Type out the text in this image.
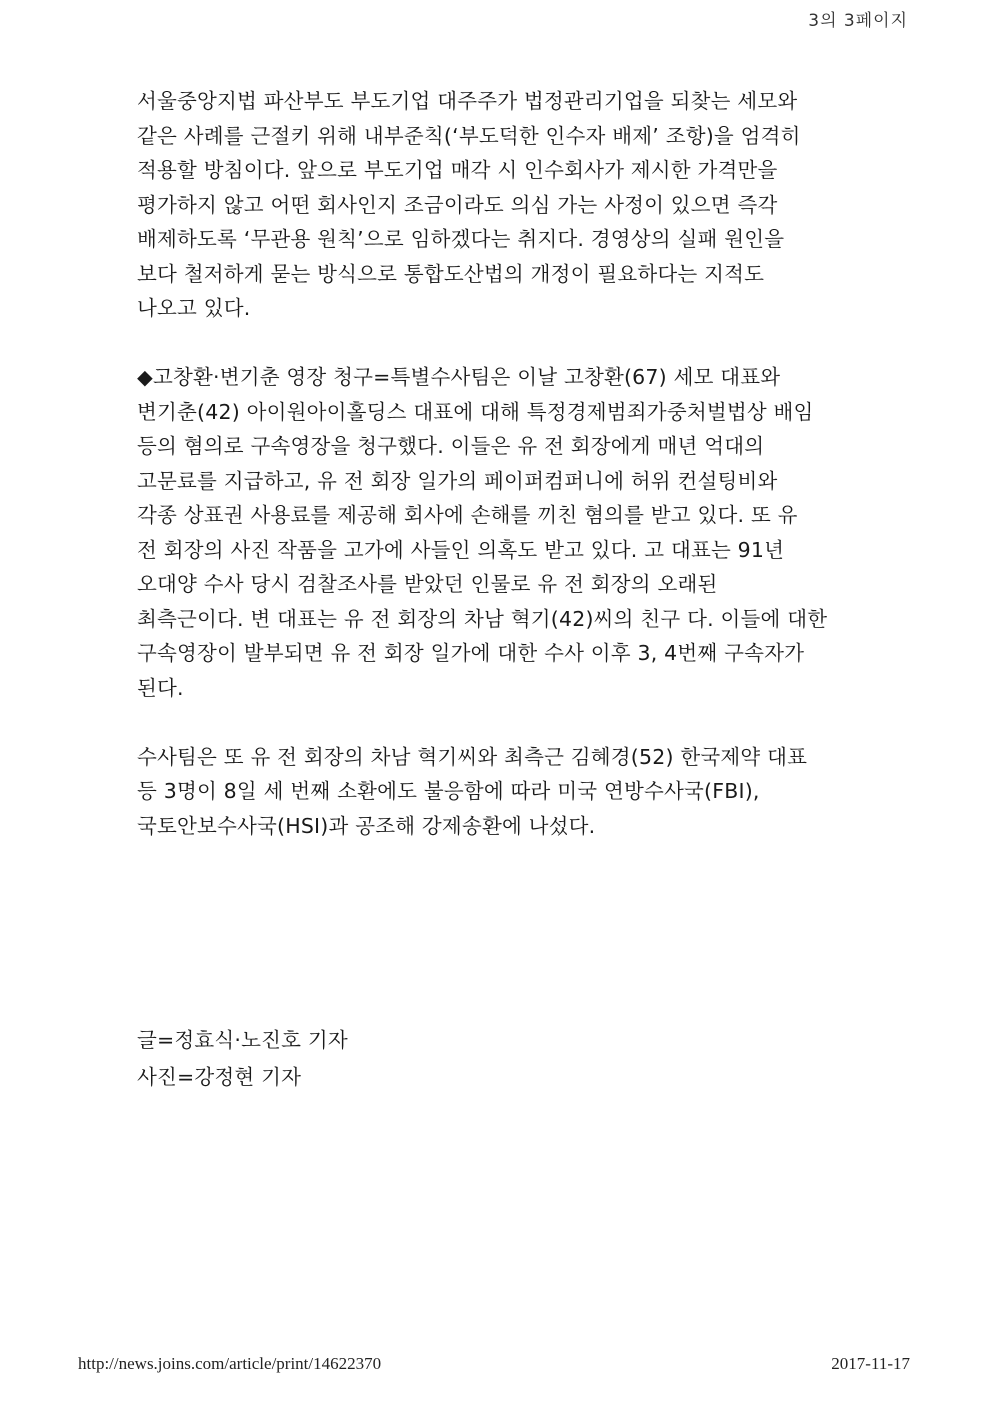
3의 3페이지
서울중앙지법 파산부도 부도기업 대주주가 법정관리기업을 되찾는 세모와
같은 사례를 근절키 위해 내부준칙(‘부도덕한 인수자 배제’ 조항)을 엄격히
적용할 방침이다. 앞으로 부도기업 매각 시 인수회사가 제시한 가격만을
평가하지 않고 어떤 회사인지 조금이라도 의심 가는 사정이 있으면 즉각
배제하도록 ‘무관용 원칙’으로 임하겠다는 취지다. 경영상의 실패 원인을
보다 철저하게 묻는 방식으로 통합도산법의 개정이 필요하다는 지적도
나오고 있다.
◆고창환·변기춘 영장 청구=특별수사팀은 이날 고창환(67) 세모 대표와
변기춘(42) 아이원아이홀딩스 대표에 대해 특정경제범죄가중처벌법상 배임
등의 혐의로 구속영장을 청구했다. 이들은 유 전 회장에게 매년 억대의
고문료를 지급하고, 유 전 회장 일가의 페이퍼컴퍼니에 허위 컨설팅비와
각종 상표권 사용료를 제공해 회사에 손해를 끼친 혐의를 받고 있다. 또 유
전 회장의 사진 작품을 고가에 사들인 의혹도 받고 있다. 고 대표는 91년
오대양 수사 당시 검찰조사를 받았던 인물로 유 전 회장의 오래된
최측근이다. 변 대표는 유 전 회장의 차남 혁기(42)씨의 친구 다. 이들에 대한
구속영장이 발부되면 유 전 회장 일가에 대한 수사 이후 3, 4번째 구속자가
된다.
수사팀은 또 유 전 회장의 차남 혁기씨와 최측근 김혜경(52) 한국제약 대표
등 3명이 8일 세 번째 소환에도 불응함에 따라 미국 연방수사국(FBI),
국토안보수사국(HSI)과 공조해 강제송환에 나섰다.
글=정효식·노진호 기자
사진=강정현 기자
http://news.joins.com/article/print/14622370	2017-11-17
